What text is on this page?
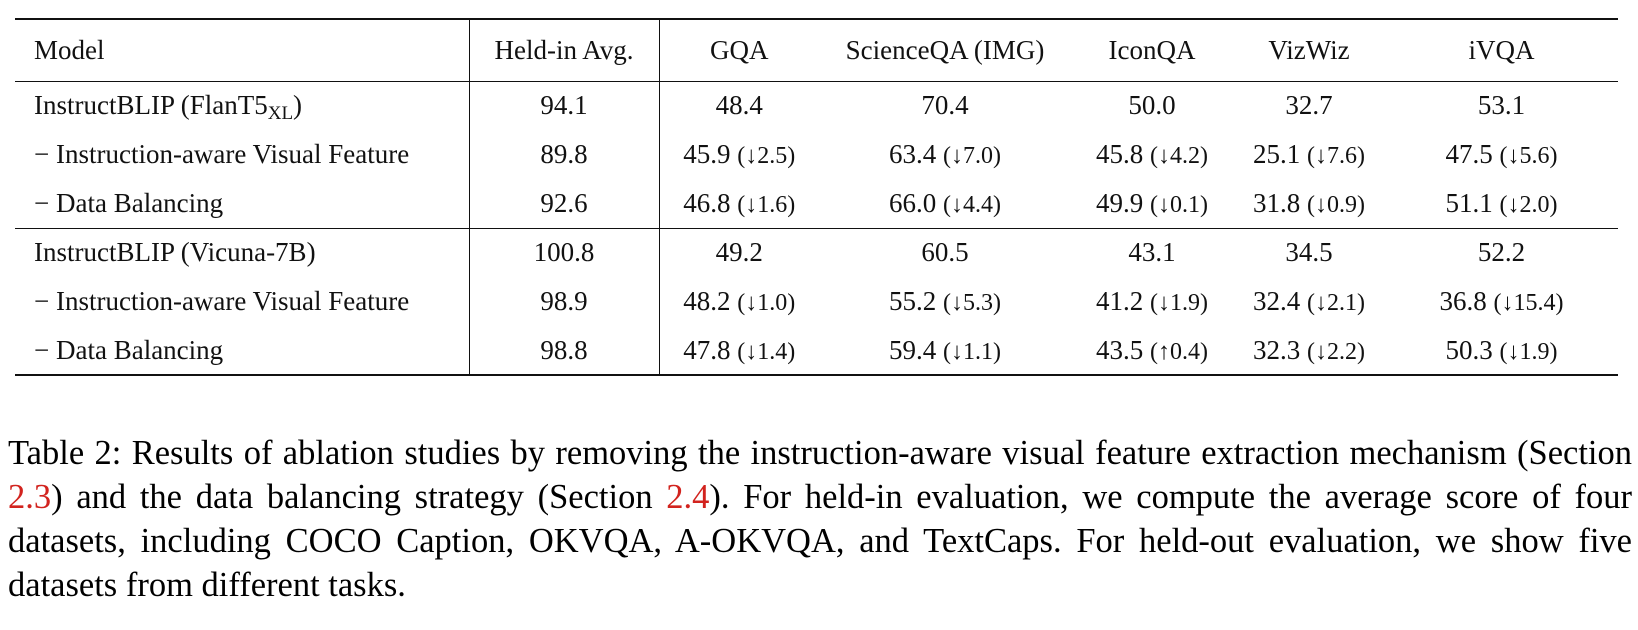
Model	Held-in Avg.	GQA	ScienceQA (IMG)	IconQA	VizWiz	iVQA
InstructBLIP $(FlanT5_{XL})$	94.1	48.4	70.4	50.0	32.7	53.1
− Instruction-aware Visual Feature	89.8	45.9 (↓2.5)	63.4 (↓7.0)	45.8 (↓4.2)	25.1 (↓7.6)	47.5 (↓5.6)
− Data Balancing	92.6	46.8 (↓1.6)	66.0 (↓4.4)	49.9 (↓0.1)	31.8 (↓0.9)	51.1 (↓2.0)
InstructBLIP (Vicuna-7B)	100.8	49.2	60.5	43.1	34.5	52.2
− Instruction-aware Visual Feature	98.9	48.2 (↓1.0)	55.2 (↓5.3)	41.2 (↓1.9)	32.4 (↓2.1)	36.8 (↓15.4)
− Data Balancing	98.8	47.8 (↓1.4)	59.4 (↓1.1)	43.5 (↑0.4)	32.3 (↓2.2)	50.3 (↓1.9)

Table 2: Results of ablation studies by removing the instruction-aware visual feature extraction mechanism (Section 2.3) and the data balancing strategy (Section 2.4). For held-in evaluation, we compute the average score of four datasets, including COCO Caption, OKVQA, A-OKVQA, and TextCaps. For held-out evaluation, we show five datasets from different tasks.
